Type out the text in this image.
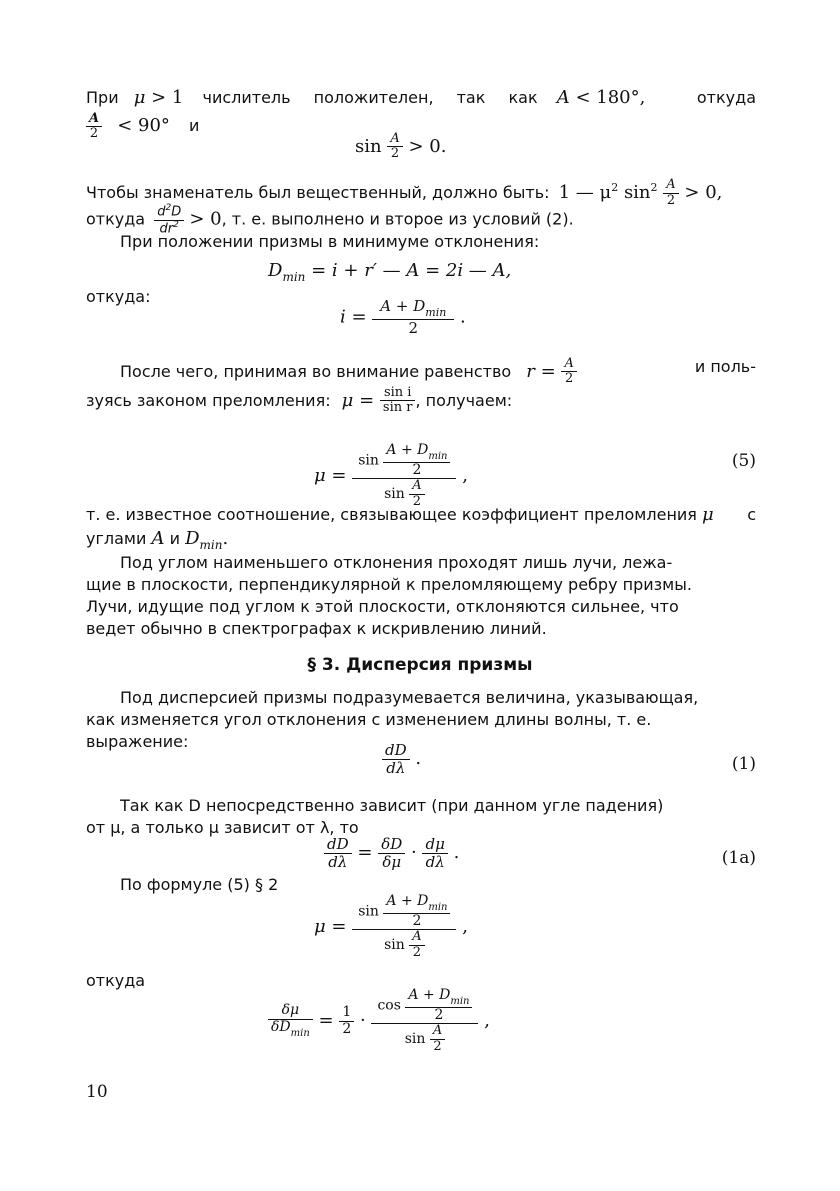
При μ > 1 числитель положителен, так как A < 180°,	откуда
$\frac{A}{2} < 90^\circ$ и
$\sin \frac{A}{2} > 0$.
Чтобы знаменатель был вещественный, должно быть: 1 — $\mu^2$ $\sin^2 \frac{A}{2} > 0$,
откуда $\frac{d^2D}{dr^2} > 0$, т. е. выполнено и второе из условий (2).
При положении призмы в минимуме отклонения:
$D_{min} = i + r'$ — A = 2i — A,
откуда:
$i = \frac{A + D_{min}}{2}$ .
После чего, принимая во внимание равенство $r = \frac{A}{2}$	и поль-
зуясь законом преломления: $\mu = \frac{\text{sin i}}{\text{sin r}}$ , получаем:
$\mu = \frac{\sin \frac{A + D_{min}}{2}}{\sin \frac{A}{2}}$ ,
(5)
т. е. известное соотношение, связывающее коэффициент преломления μ с
углами A и $D_{min}$.
Под углом наименьшего отклонения проходят лишь лучи, лежа-
щие в плоскости, перпендикулярной к преломляющему ребру призмы.
Лучи, идущие под углом к этой плоскости, отклоняются сильнее, что
ведет обычно в спектрографах к искривлению линий.
§ 3. Дисперсия призмы
Под дисперсией призмы подразумевается величина, указывающая,
как изменяется угол отклонения с изменением длины волны, т. е.
выражение:
$\frac{dD}{d\lambda}$ .	(1)
Так как D непосредственно зависит (при данном угле падения)
от μ, а только μ зависит от λ, то
$\frac{dD}{d\lambda} = \frac{\delta D}{\delta\mu} \cdot \frac{d\mu}{d\lambda}$ .	(1a)
По формуле (5) § 2
$\mu = \frac{\sin \frac{A + D_{min}}{2}}{\sin \frac{A}{2}}$ ,
откуда
$\frac{\delta\mu}{\delta D_{min}} = \frac{1}{2} \cdot \frac{\cos \frac{A + D_{min}}{2}}{\sin \frac{A}{2}}$ ,
10
